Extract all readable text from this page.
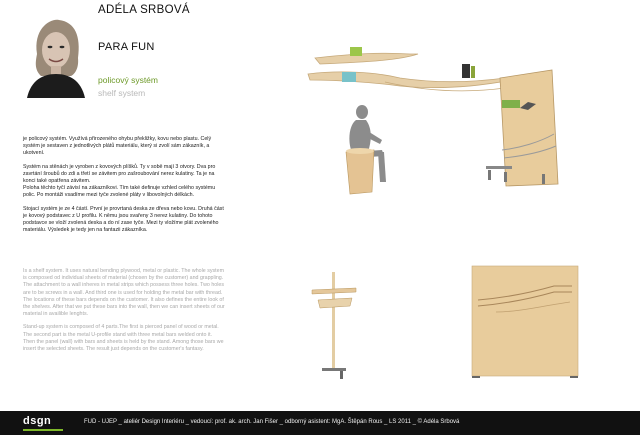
ADÉLA SRBOVÁ
PARA FUN
policový systém
shelf system

je policový systém. Využívá přirozeného ohybu překližky, kovu nebo plastu. Celý systém je sestaven z jednotlivých plátů materiálu, který si zvolí sám zákazník, a ukotvení.

Systém na stěnách je vyroben z kovových plíšků. Ty v sobě mají 3 otvory. Dva pro zavrtání šroubů do zdi a třetí se závitem pro zašroubování nerez kulatiny. Ta je na konci také opatřena závitem.

Poloha těchto tyčí závisí na zákazníkovi. Tím také definuje vzhled celého systému polic. Po montáži vsadíme mezi tyče zvolené pláty v libovolných délkách.

Stojací systém je ze 4 částí. První je provrtaná deska ze dřeva nebo kovu. Druhá část je kovový podstavec z U profilu. K němu jsou svařeny 3 nerez kulatiny. Do tohoto podstavce se vloží zvolená deska a do ní zase tyče. Mezi ty vložíme plát zvoleného materiálu. Výsledek je tedy jen na fantazii zákazníka.

Is a shelf system. It uses natural bending plywood, metal or plastic. The whole system is composed od individual sheets of material (chosen by the customer) and grappling.

The attachment to a wall inheres in metal strips which possess three holes. Two holes are to be screws in a wall. And third one is used for holding the metal bar with thread.

The locations of these bars depends on the customer. It also defines the entire look of the shelves. After that we put these bars into the wall, then we can insert sheets of our material in availible lenghts.

Stand-up system is composed of 4 parts.The first is pierced panel of wood or metal. The second part is the metal U-profile stand with three metal bars welded onto it.

Then the panel (wall) with bars and sheets is held by the stand. Among those bars we insert the selected sheets. The result just depends on the customer's fantasy.

dsgn	FUD - UJEP _ ateliér Design Interiéru _ vedoucí: prof. ak. arch. Jan Fišer _ odborný asistent: MgA. Štěpán Rous _ LS 2011 _ © Adéla Srbová
